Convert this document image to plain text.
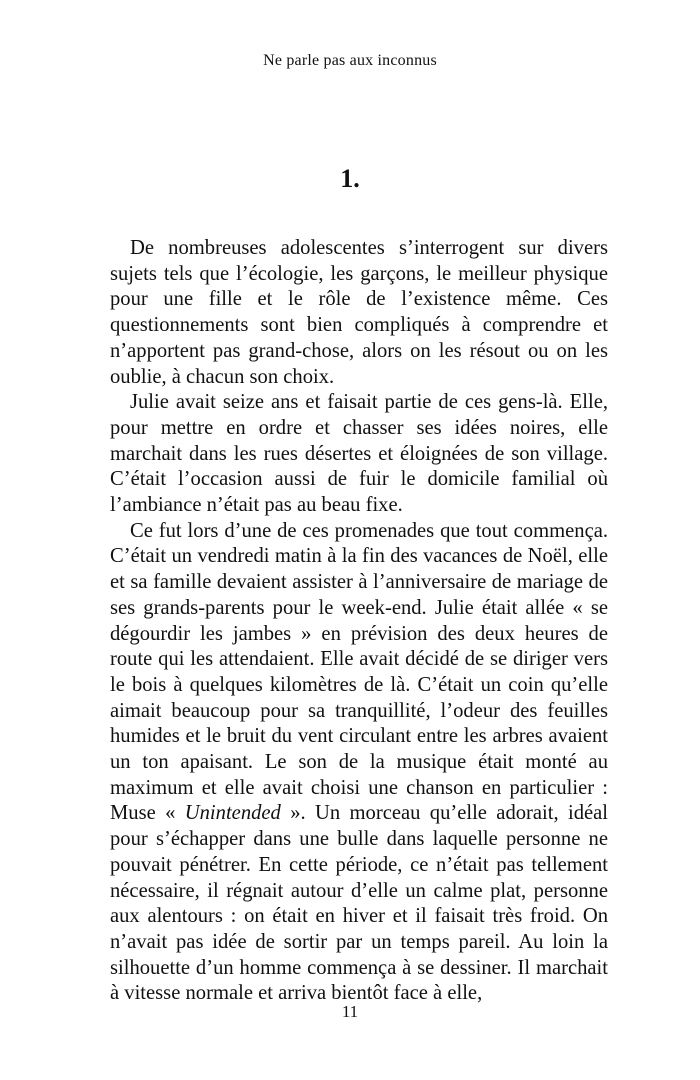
Ne parle pas aux inconnus
1.

De nombreuses adolescentes s’interrogent sur divers sujets tels que l’écologie, les garçons, le meilleur physique pour une fille et le rôle de l’existence même. Ces questionnements sont bien compliqués à comprendre et n’apportent pas grand-chose, alors on les résout ou on les oublie, à chacun son choix.

Julie avait seize ans et faisait partie de ces gens-là. Elle, pour mettre en ordre et chasser ses idées noires, elle marchait dans les rues désertes et éloignées de son village. C’était l’occasion aussi de fuir le domicile familial où l’ambiance n’était pas au beau fixe.

Ce fut lors d’une de ces promenades que tout commença. C’était un vendredi matin à la fin des vacances de Noël, elle et sa famille devaient assister à l’anniversaire de mariage de ses grands-parents pour le week-end. Julie était allée « se dégourdir les jambes » en prévision des deux heures de route qui les attendaient. Elle avait décidé de se diriger vers le bois à quelques kilomètres de là. C’était un coin qu’elle aimait beaucoup pour sa tranquillité, l’odeur des feuilles humides et le bruit du vent circulant entre les arbres avaient un ton apaisant. Le son de la musique était monté au maximum et elle avait choisi une chanson en particulier : Muse « Unintended ». Un morceau qu’elle adorait, idéal pour s’échapper dans une bulle dans laquelle personne ne pouvait pénétrer. En cette période, ce n’était pas tellement nécessaire, il régnait autour d’elle un calme plat, personne aux alentours : on était en hiver et il faisait très froid. On n’avait pas idée de sortir par un temps pareil. Au loin la silhouette d’un homme commença à se dessiner. Il marchait à vitesse normale et arriva bientôt face à elle,

11
